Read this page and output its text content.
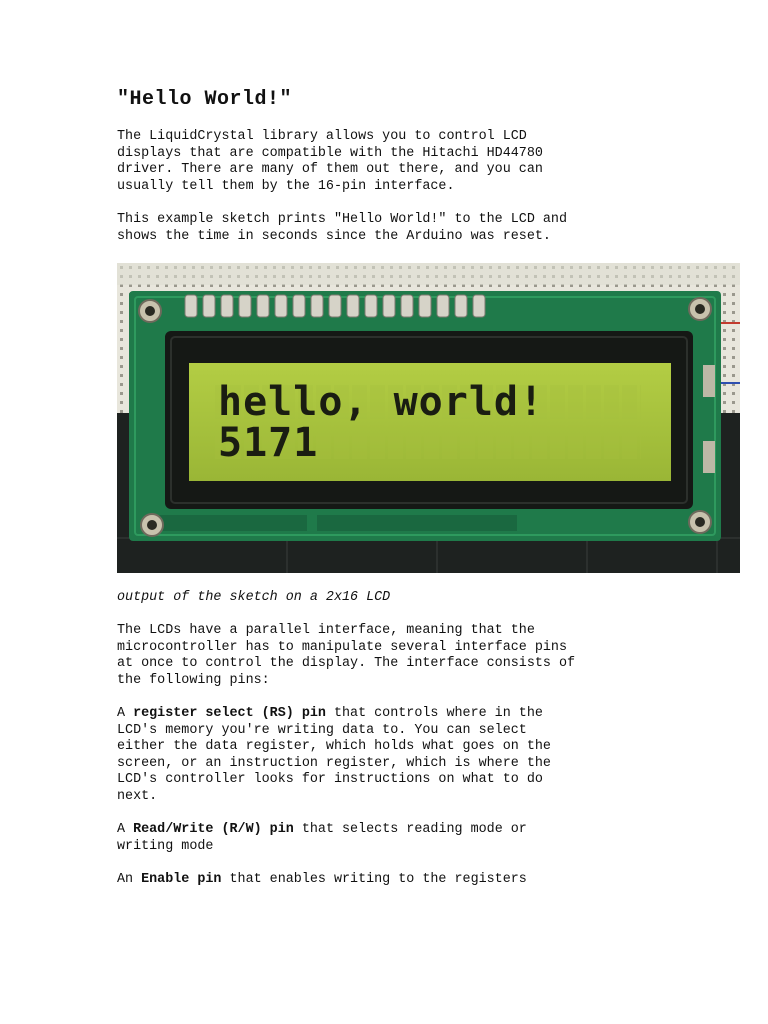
"Hello World!"

The LiquidCrystal library allows you to control LCD
displays that are compatible with the Hitachi HD44780
driver. There are many of them out there, and you can
usually tell them by the 16-pin interface.

This example sketch prints "Hello World!" to the LCD and
shows the time in seconds since the Arduino was reset.

output of the sketch on a 2x16 LCD

The LCDs have a parallel interface, meaning that the
microcontroller has to manipulate several interface pins
at once to control the display. The interface consists of
the following pins:

A register select (RS) pin that controls where in the
LCD's memory you're writing data to. You can select
either the data register, which holds what goes on the
screen, or an instruction register, which is where the
LCD's controller looks for instructions on what to do
next.

A Read/Write (R/W) pin that selects reading mode or
writing mode

An Enable pin that enables writing to the registers

hello, world!
5171
